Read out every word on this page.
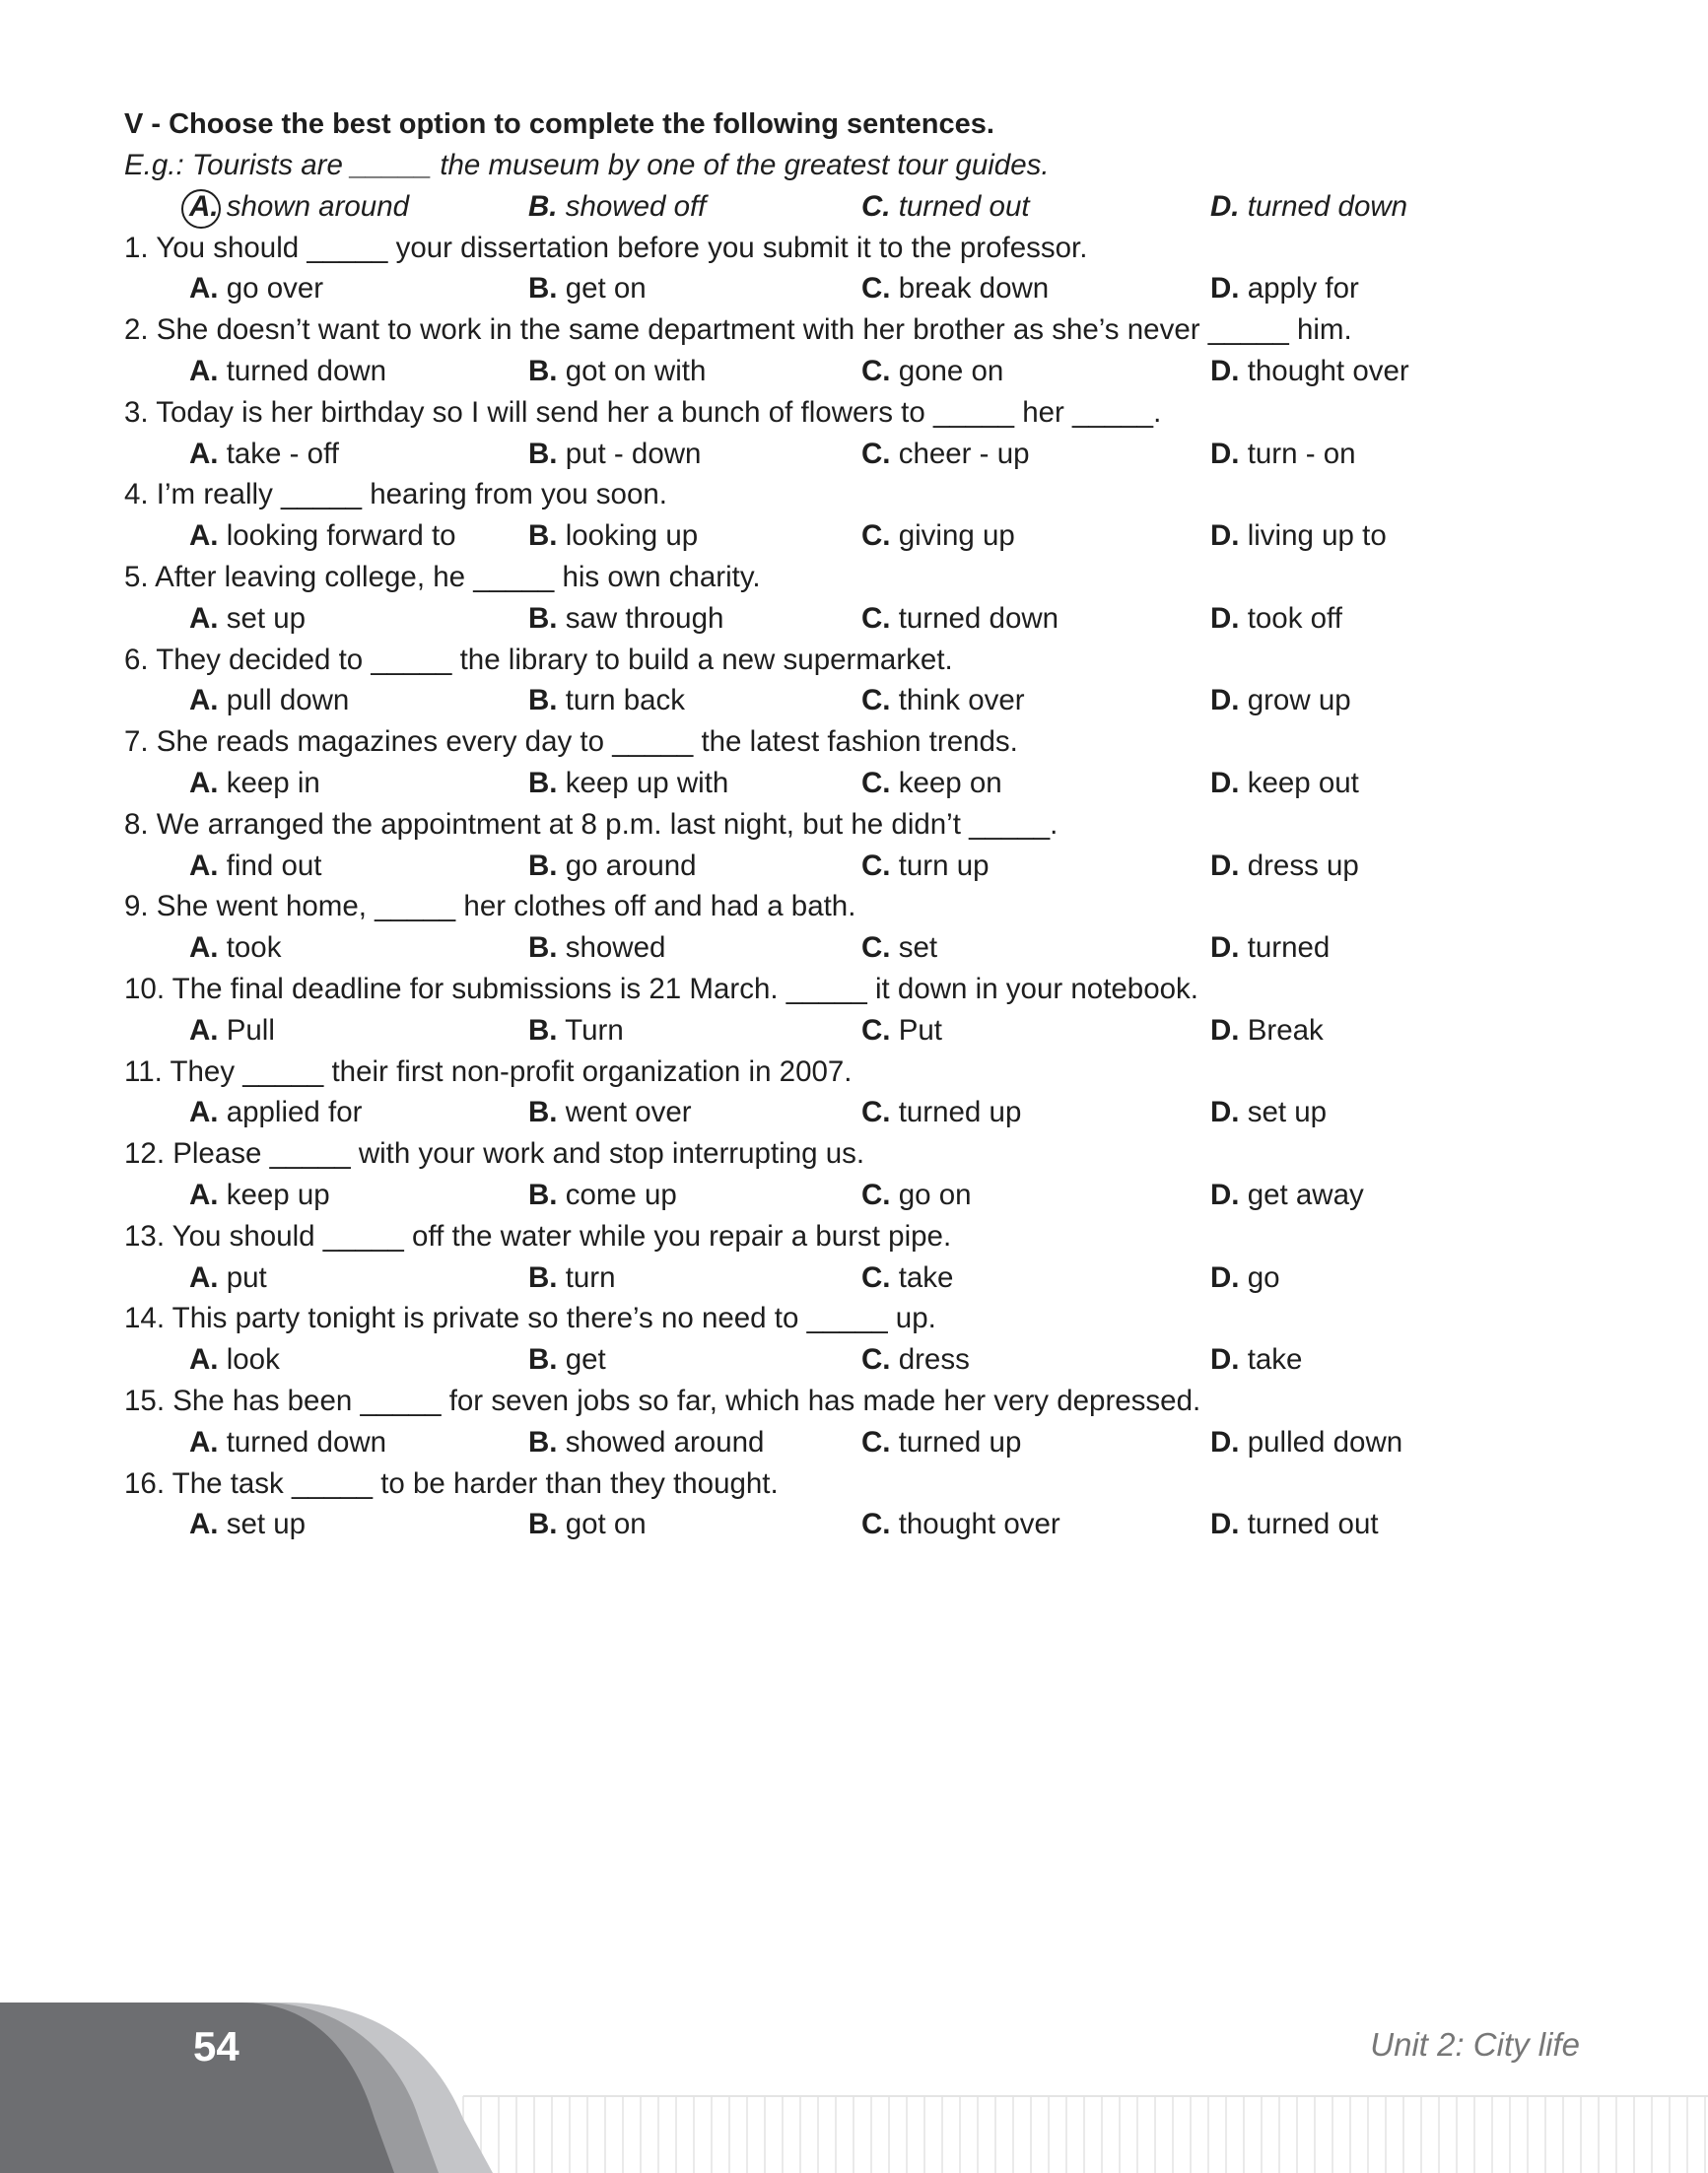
V - Choose the best option to complete the following sentences.
E.g.: Tourists are _____ the museum by one of the greatest tour guides.
A. shown around	B. showed off	C. turned out	D. turned down
1. You should _____ your dissertation before you submit it to the professor.
A. go over	B. get on	C. break down	D. apply for
2. She doesn’t want to work in the same department with her brother as she’s never _____ him.
A. turned down	B. got on with	C. gone on	D. thought over
3. Today is her birthday so I will send her a bunch of flowers to _____ her _____.
A. take - off	B. put - down	C. cheer - up	D. turn - on
4. I’m really _____ hearing from you soon.
A. looking forward to B. looking up	C. giving up	D. living up to
5. After leaving college, he _____ his own charity.
A. set up	B. saw through	C. turned down	D. took off
6. They decided to _____ the library to build a new supermarket.
A. pull down	B. turn back	C. think over	D. grow up
7. She reads magazines every day to _____ the latest fashion trends.
A. keep in	B. keep up with	C. keep on	D. keep out
8. We arranged the appointment at 8 p.m. last night, but he didn’t _____.
A. find out	B. go around	C. turn up	D. dress up
9. She went home, _____ her clothes off and had a bath.
A. took	B. showed	C. set	D. turned
10. The final deadline for submissions is 21 March. _____ it down in your notebook.
A. Pull	B. Turn	C. Put	D. Break
11. They _____ their first non-profit organization in 2007.
A. applied for	B. went over	C. turned up	D. set up
12. Please _____ with your work and stop interrupting us.
A. keep up	B. come up	C. go on	D. get away
13. You should _____ off the water while you repair a burst pipe.
A. put	B. turn	C. take	D. go
14. This party tonight is private so there’s no need to _____ up.
A. look	B. get	C. dress	D. take
15. She has been _____ for seven jobs so far, which has made her very depressed.
A. turned down	B. showed around	C. turned up	D. pulled down
16. The task _____ to be harder than they thought.
A. set up	B. got on	C. thought over	D. turned out
54	Unit 2: City life
